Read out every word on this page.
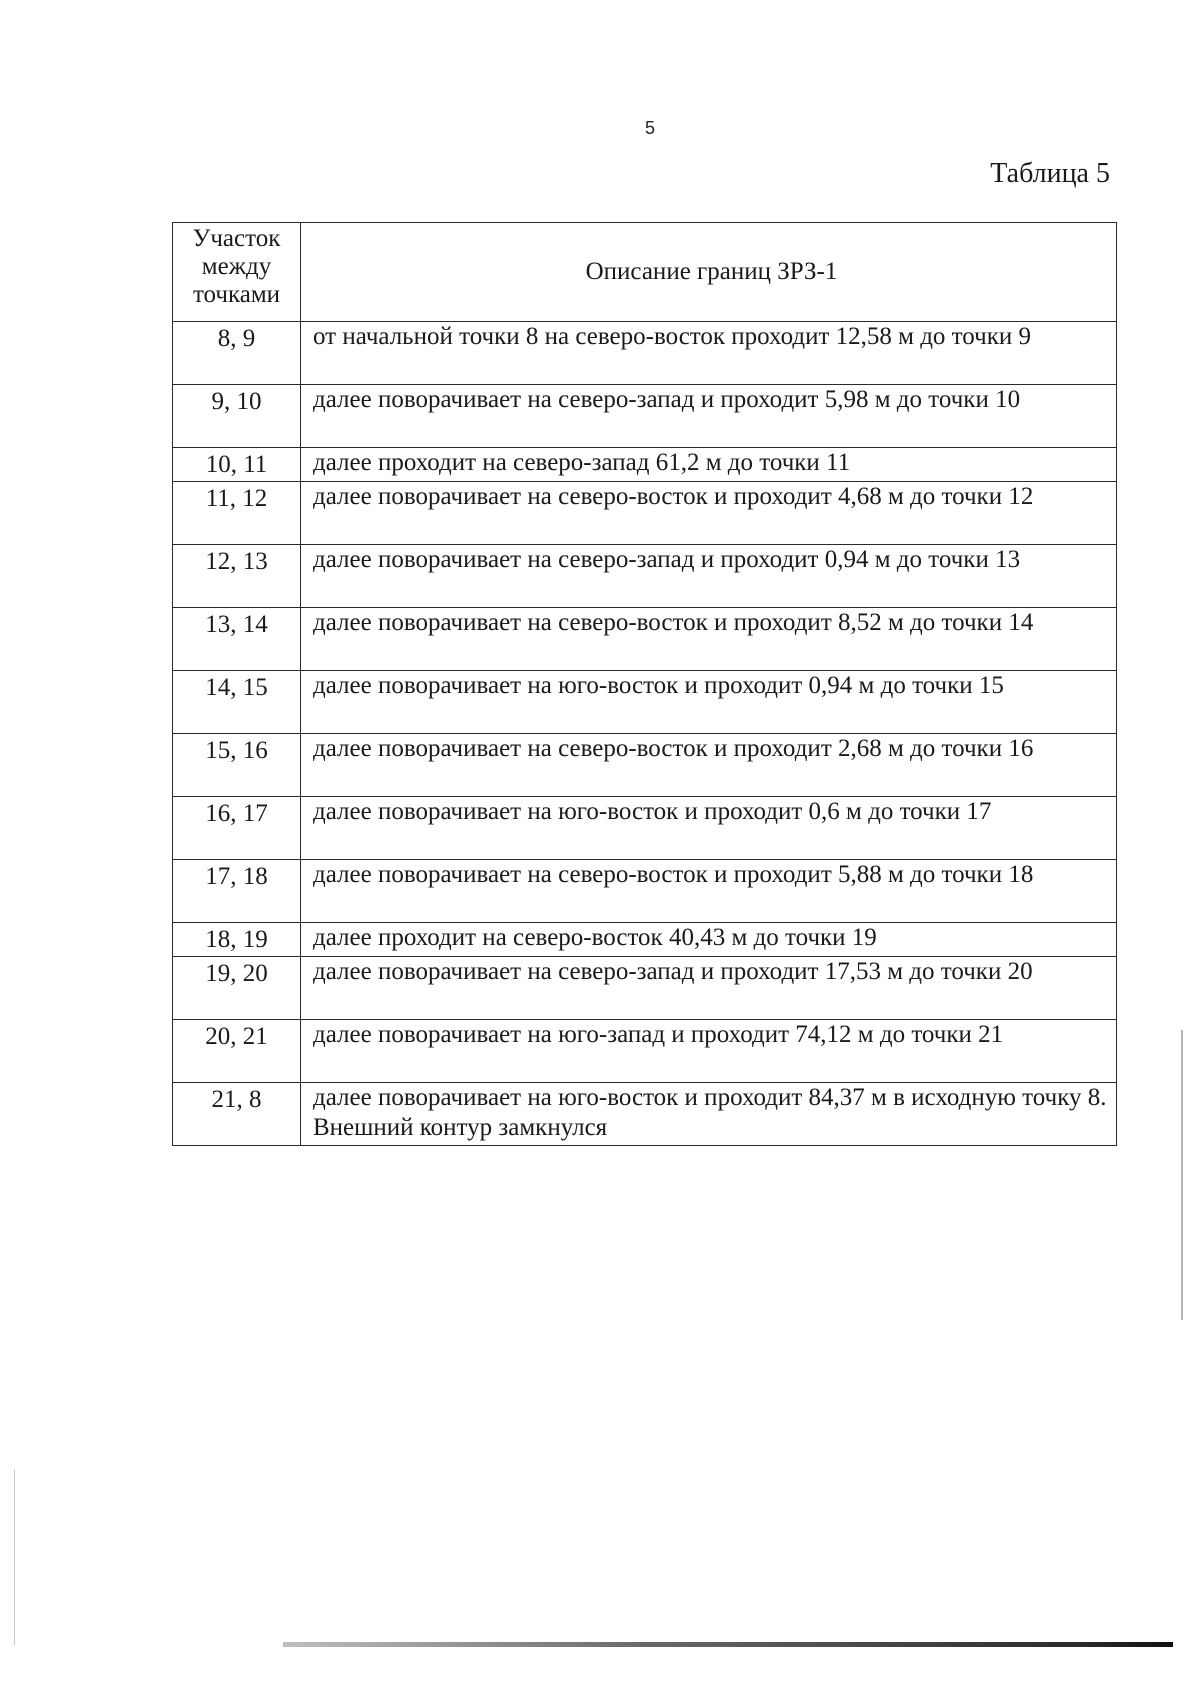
5
Таблица 5
Участок между точками	Описание границ ЗРЗ-1
8, 9	от начальной точки 8 на северо-восток проходит 12,58 м до точки 9
9, 10	далее поворачивает на северо-запад и проходит 5,98 м до точки 10
10, 11	далее проходит на северо-запад 61,2 м до точки 11
11, 12	далее поворачивает на северо-восток и проходит 4,68 м до точки 12
12, 13	далее поворачивает на северо-запад и проходит 0,94 м до точки 13
13, 14	далее поворачивает на северо-восток и проходит 8,52 м до точки 14
14, 15	далее поворачивает на юго-восток и проходит 0,94 м до точки 15
15, 16	далее поворачивает на северо-восток и проходит 2,68 м до точки 16
16, 17	далее поворачивает на юго-восток и проходит 0,6 м до точки 17
17, 18	далее поворачивает на северо-восток и проходит 5,88 м до точки 18
18, 19	далее проходит на северо-восток 40,43 м до точки 19
19, 20	далее поворачивает на северо-запад и проходит 17,53 м до точки 20
20, 21	далее поворачивает на юго-запад и проходит 74,12 м до точки 21
21, 8	далее поворачивает на юго-восток и проходит 84,37 м в исходную точку 8. Внешний контур замкнулся
